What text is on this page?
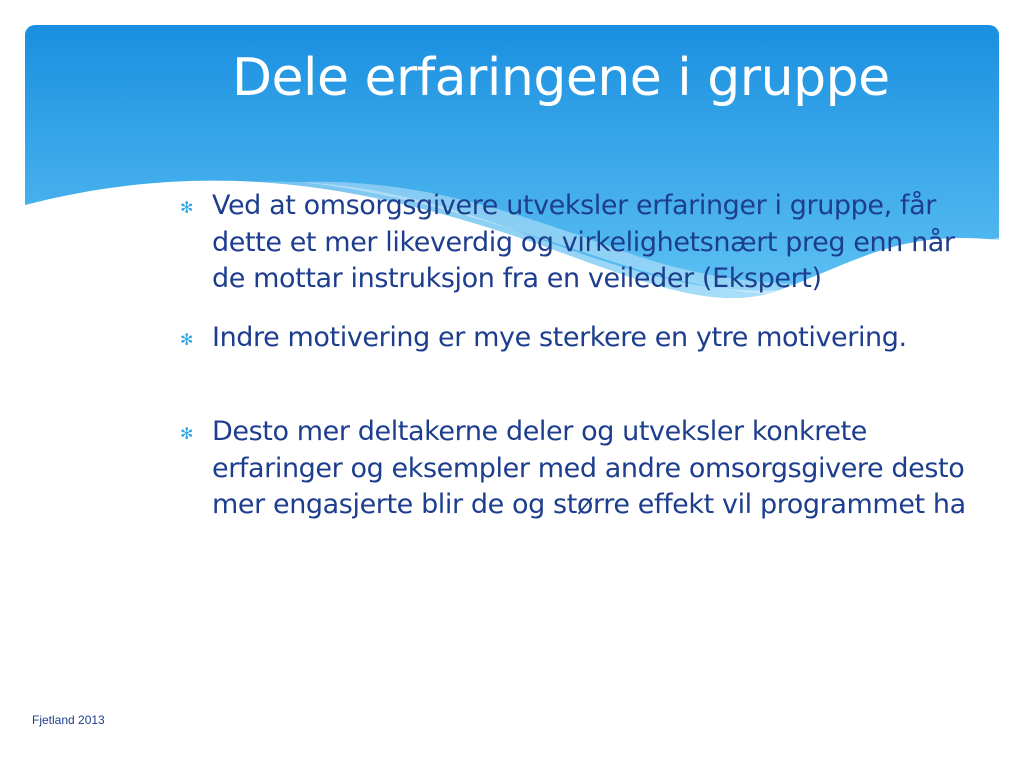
Dele erfaringene i gruppe
✻ Ved at omsorgsgivere utveksler erfaringer i gruppe, får dette et mer likeverdig og virkelighetsnært preg enn når de mottar instruksjon fra en veileder (Ekspert)
✻ Indre motivering er mye sterkere en ytre motivering.
✻ Desto mer deltakerne deler og utveksler konkrete erfaringer og eksempler med andre omsorgsgivere desto mer engasjerte blir de og større effekt vil programmet ha
Fjetland 2013
